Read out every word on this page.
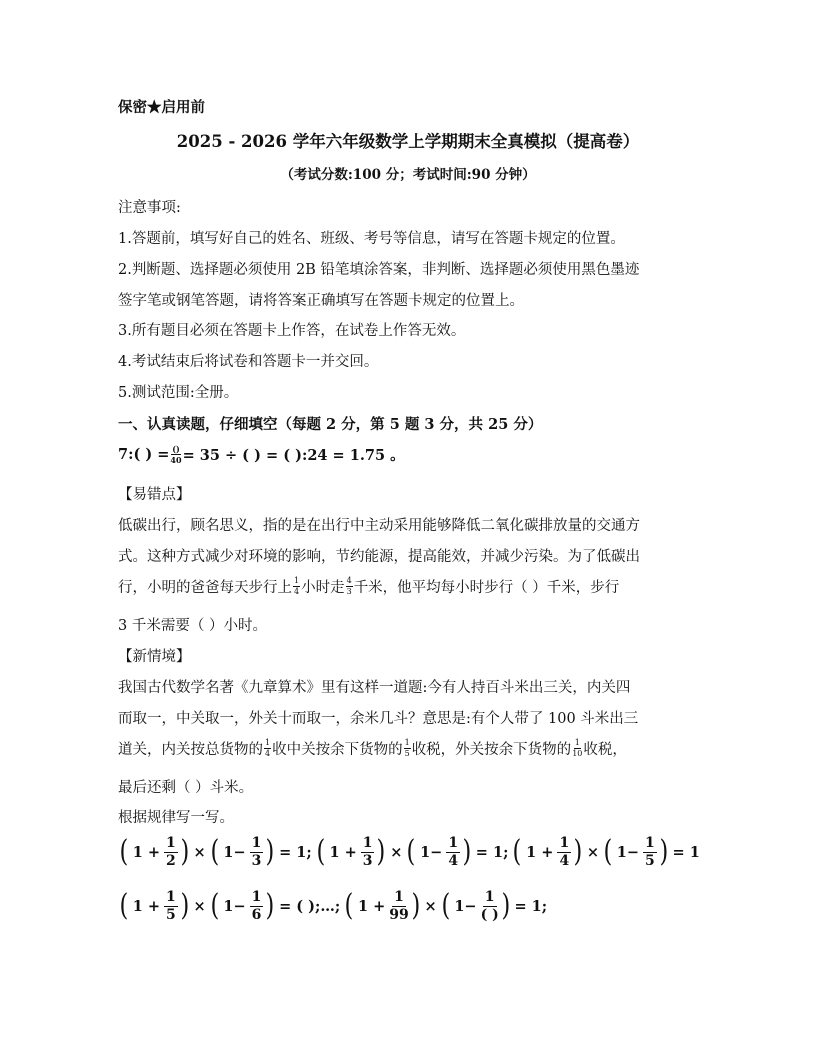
保密★启用前
2025 - 2026 学年六年级数学上学期期末全真模拟（提高卷）
（考试分数:100 分；考试时间:90 分钟）
注意事项:
1.答题前，填写好自己的姓名、班级、考号等信息，请写在答题卡规定的位置。
2.判断题、选择题必须使用 2B 铅笔填涂答案，非判断、选择题必须使用黑色墨迹
签字笔或钢笔答题，请将答案正确填写在答题卡规定的位置上。
3.所有题目必须在答题卡上作答，在试卷上作答无效。
4.考试结束后将试卷和答题卡一并交回。
5.测试范围:全册。
一、认真读题，仔细填空（每题 2 分，第 5 题 3 分，共 25 分）
7:( ) = $\frac{()}{40} = 35$ ÷ ( ) = ( ):24 = 1.75 。
【易错点】
低碳出行，顾名思义，指的是在出行中主动采用能够降低二氧化碳排放量的交通方
式。这种方式减少对环境的影响，节约能源，提高能效，并减少污染。为了低碳出
行，小明的爸爸每天步行上 $\frac{1}{4}$ 小时走 $\frac{4}{3}$ 千米，他平均每小时步行（ ）千米，步行
3 千米需要（ ）小时。
【新情境】
我国古代数学名著《九章算术》里有这样一道题:今有人持百斗米出三关，内关四
而取一，中关取一，外关十而取一，余米几斗？意思是:有个人带了 100 斗米出三
道关，内关按总货物的 $\frac{1}{4}$ 收中关按余下货物的 $\frac{1}{5}$ 收税，外关按余下货物的 $\frac{1}{10}$ 收税，
最后还剩（ ）斗米。
根据规律写一写。
( $1 + \frac{1}{2}$ ) × ( $1- \frac{1}{3}$ ) = 1; ( $1 + \frac{1}{3}$ ) × ( $1- \frac{1}{4}$ ) = 1; ( $1 + \frac{1}{4}$ ) × ( $1- \frac{1}{5}$ ) = 1
( $1 + \frac{1}{5}$ ) × ( $1- \frac{1}{6}$ ) = ( );…; ( $1 + \frac{1}{99}$ ) × ( 1−
1
( ) ) = 1;
